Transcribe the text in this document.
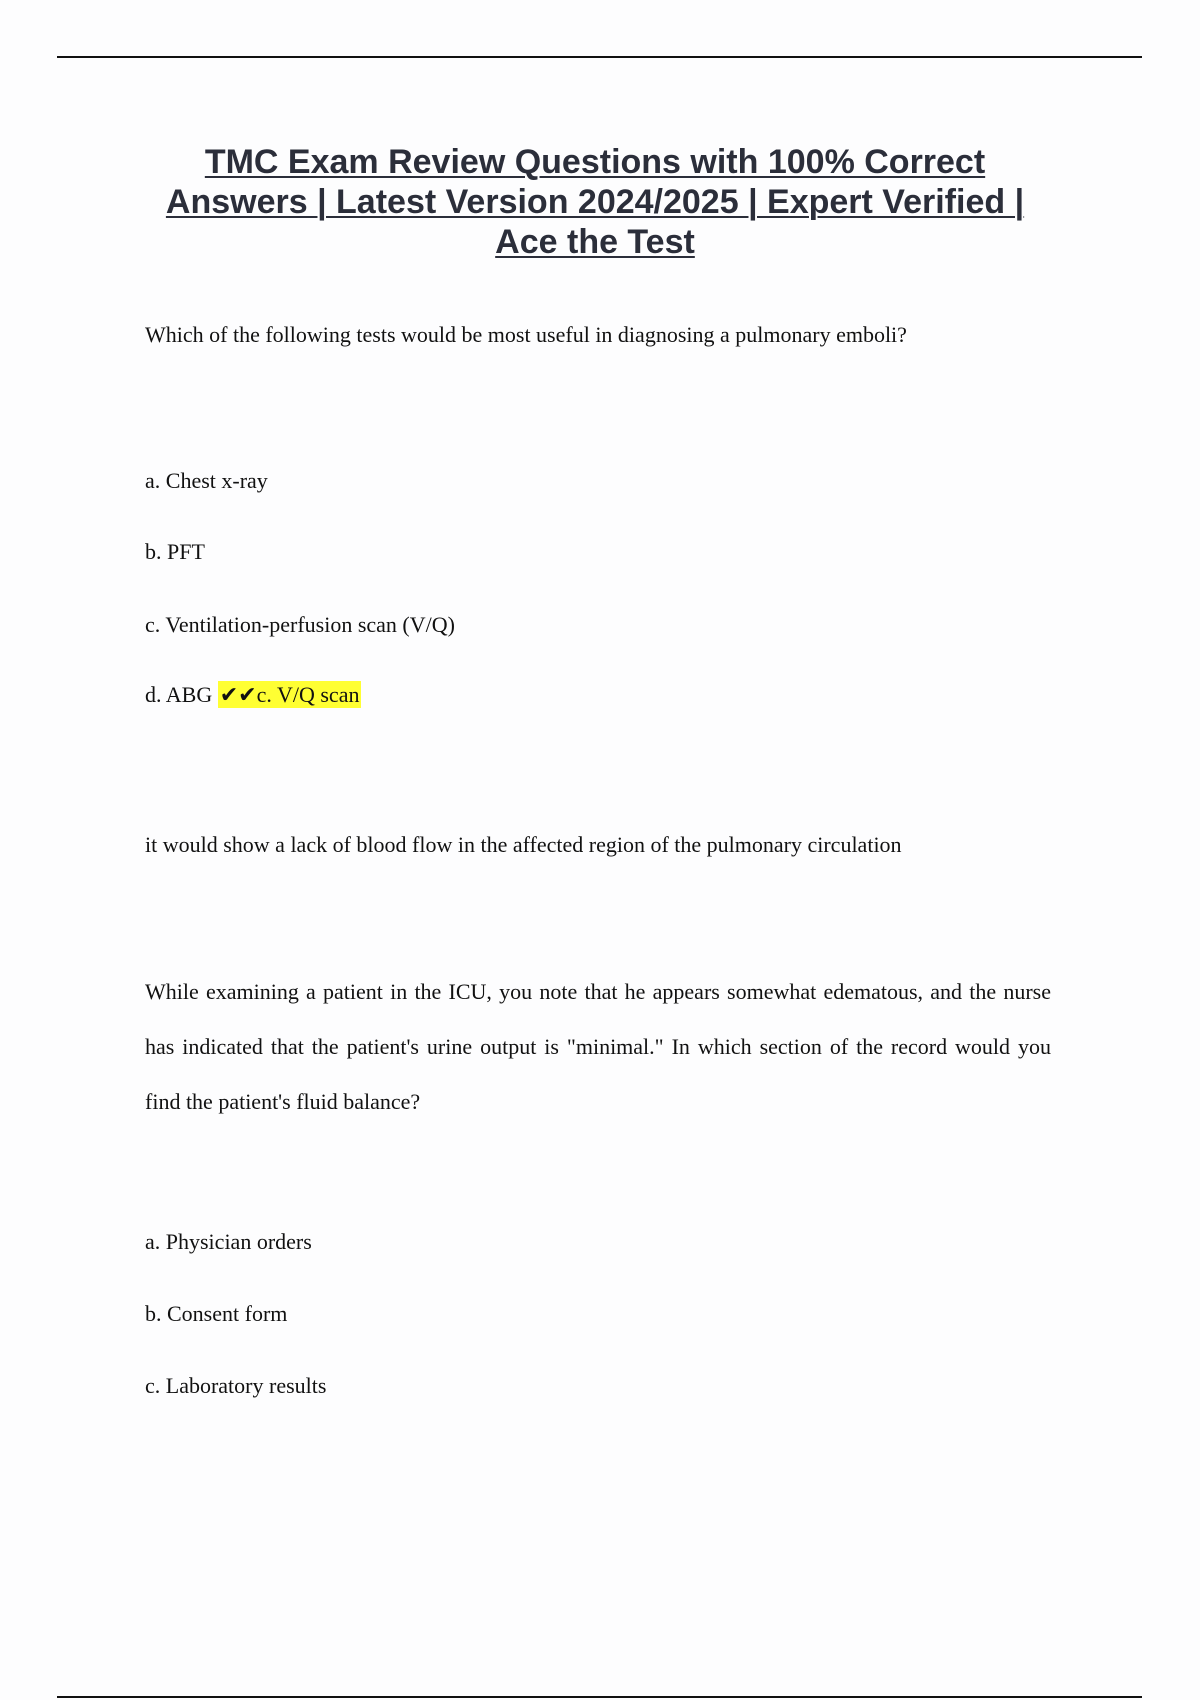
TMC Exam Review Questions with 100% Correct Answers | Latest Version 2024/2025 | Expert Verified | Ace the Test

Which of the following tests would be most useful in diagnosing a pulmonary emboli?

a. Chest x-ray

b. PFT

c. Ventilation-perfusion scan (V/Q)

d. ABG ✔✔c. V/Q scan

it would show a lack of blood flow in the affected region of the pulmonary circulation

While examining a patient in the ICU, you note that he appears somewhat edematous, and the nurse has indicated that the patient's urine output is "minimal." In which section of the record would you find the patient's fluid balance?

a. Physician orders

b. Consent form

c. Laboratory results
